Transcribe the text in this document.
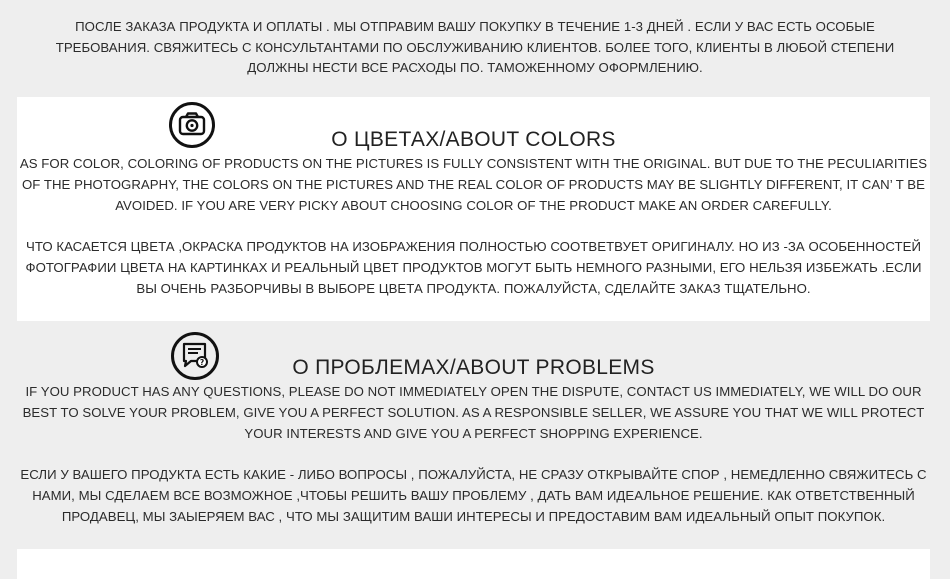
ПОСЛЕ ЗАКАЗА ПРОДУКТА И ОПЛАТЫ . МЫ ОТПРАВИМ ВАШУ ПОКУПКУ В ТЕЧЕНИЕ 1-3 ДНЕЙ . ЕСЛИ У ВАС ЕСТЬ ОСОБЫЕ ТРЕБОВАНИЯ. СВЯЖИТЕСЬ С КОНСУЛЬТАНТАМИ ПО ОБСЛУЖИВАНИЮ КЛИЕНТОВ. БОЛЕЕ ТОГО, КЛИЕНТЫ В ЛЮБОЙ СТЕПЕНИ ДОЛЖНЫ НЕСТИ ВСЕ РАСХОДЫ ПО. ТАМОЖЕННОМУ ОФОРМЛЕНИЮ.
О ЦВЕТАХ/ABOUT COLORS
AS FOR COLOR, COLORING OF PRODUCTS ON THE PICTURES IS FULLY CONSISTENT WITH THE ORIGINAL. BUT DUE TO THE PECULIARITIES OF THE PHOTOGRAPHY, THE COLORS ON THE PICTURES AND THE REAL COLOR OF PRODUCTS MAY BE SLIGHTLY DIFFERENT, IT CAN’ T BE AVOIDED. IF YOU ARE VERY PICKY ABOUT CHOOSING COLOR OF THE PRODUCT MAKE AN ORDER CAREFULLY.
ЧТО КАСАЕТСЯ ЦВЕТА ,ОКРАСКА ПРОДУКТОВ НА ИЗОБРАЖЕНИЯ ПОЛНОСТЬЮ СООТВЕТВУЕТ ОРИГИНАЛУ. НО ИЗ -ЗА ОСОБЕННОСТЕЙ ФОТОГРАФИИ ЦВЕТА НА КАРТИНКАХ И РЕАЛЬНЫЙ ЦВЕТ ПРОДУКТОВ МОГУТ БЫТЬ НЕМНОГО РАЗНЫМИ, ЕГО НЕЛЬЗЯ ИЗБЕЖАТЬ .ЕСЛИ ВЫ ОЧЕНЬ РАЗБОРЧИВЫ В ВЫБОРЕ ЦВЕТА ПРОДУКТА. ПОЖАЛУЙСТА, СДЕЛАЙТЕ ЗАКАЗ ТЩАТЕЛЬНО.
?	О ПРОБЛЕМАХ/ABOUT PROBLEMS
IF YOU PRODUCT HAS ANY QUESTIONS, PLEASE DO NOT IMMEDIATELY OPEN THE DISPUTE, CONTACT US IMMEDIATELY, WE WILL DO OUR BEST TO SOLVE YOUR PROBLEM, GIVE YOU A PERFECT SOLUTION. AS A RESPONSIBLE SELLER, WE ASSURE YOU THAT WE WILL PROTECT YOUR INTERESTS AND GIVE YOU A PERFECT SHOPPING EXPERIENCE.
ЕСЛИ У ВАШЕГО ПРОДУКТА ЕСТЬ КАКИЕ - ЛИБО ВОПРОСЫ , ПОЖАЛУЙСТА, НЕ СРАЗУ ОТКРЫВАЙТЕ СПОР , НЕМЕДЛЕННО СВЯЖИТЕСЬ С НАМИ, МЫ СДЕЛАЕМ ВСЕ ВОЗМОЖНОЕ ,ЧТОБЫ РЕШИТЬ ВАШУ ПРОБЛЕМУ , ДАТЬ ВАМ ИДЕАЛЬНОЕ РЕШЕНИЕ. КАК ОТВЕТСТВЕННЫЙ ПРОДАВЕЦ, МЫ ЗАЫЕРЯЕМ ВАС , ЧТО МЫ ЗАЩИТИМ ВАШИ ИНТЕРЕСЫ И ПРЕДОСТАВИМ ВАМ ИДЕАЛЬНЫЙ ОПЫТ ПОКУПОК.
